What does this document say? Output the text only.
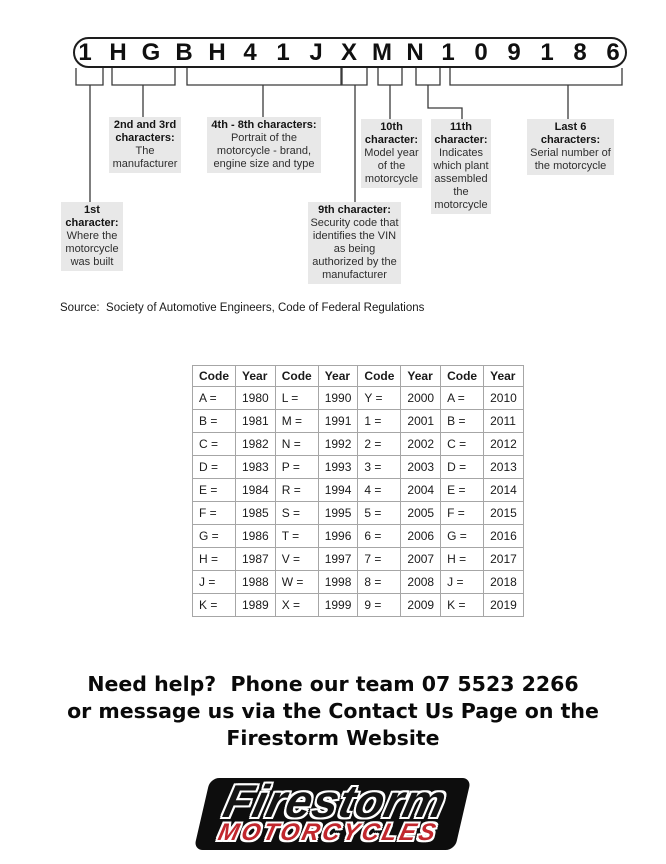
1 H G B H 4 1 J X M N 1 0 9 1 8 6
1st character:
Where the motorcycle was built
2nd and 3rd characters:
The manufacturer
4th - 8th characters:
Portrait of the motorcycle - brand, engine size and type
9th character:
Security code that identifies the VIN as being authorized by the manufacturer
10th character:
Model year of the motorcycle
11th character:
Indicates which plant assembled the motorcycle
Last 6 characters:
Serial number of the motorcycle
Source:  Society of Automotive Engineers, Code of Federal Regulations
Code	Year	Code	Year	Code	Year	Code	Year
A =	1980	L =	1990	Y =	2000	A =	2010
B =	1981	M =	1991	1 =	2001	B =	2011
C =	1982	N =	1992	2 =	2002	C =	2012
D =	1983	P =	1993	3 =	2003	D =	2013
E =	1984	R =	1994	4 =	2004	E =	2014
F =	1985	S =	1995	5 =	2005	F =	2015
G =	1986	T =	1996	6 =	2006	G =	2016
H =	1987	V =	1997	7 =	2007	H =	2017
J =	1988	W =	1998	8 =	2008	J =	2018
K =	1989	X =	1999	9 =	2009	K =	2019
Need help?  Phone our team 07 5523 2266
or message us via the Contact Us Page on the
Firestorm Website
Firestorm
MOTORCYCLES
